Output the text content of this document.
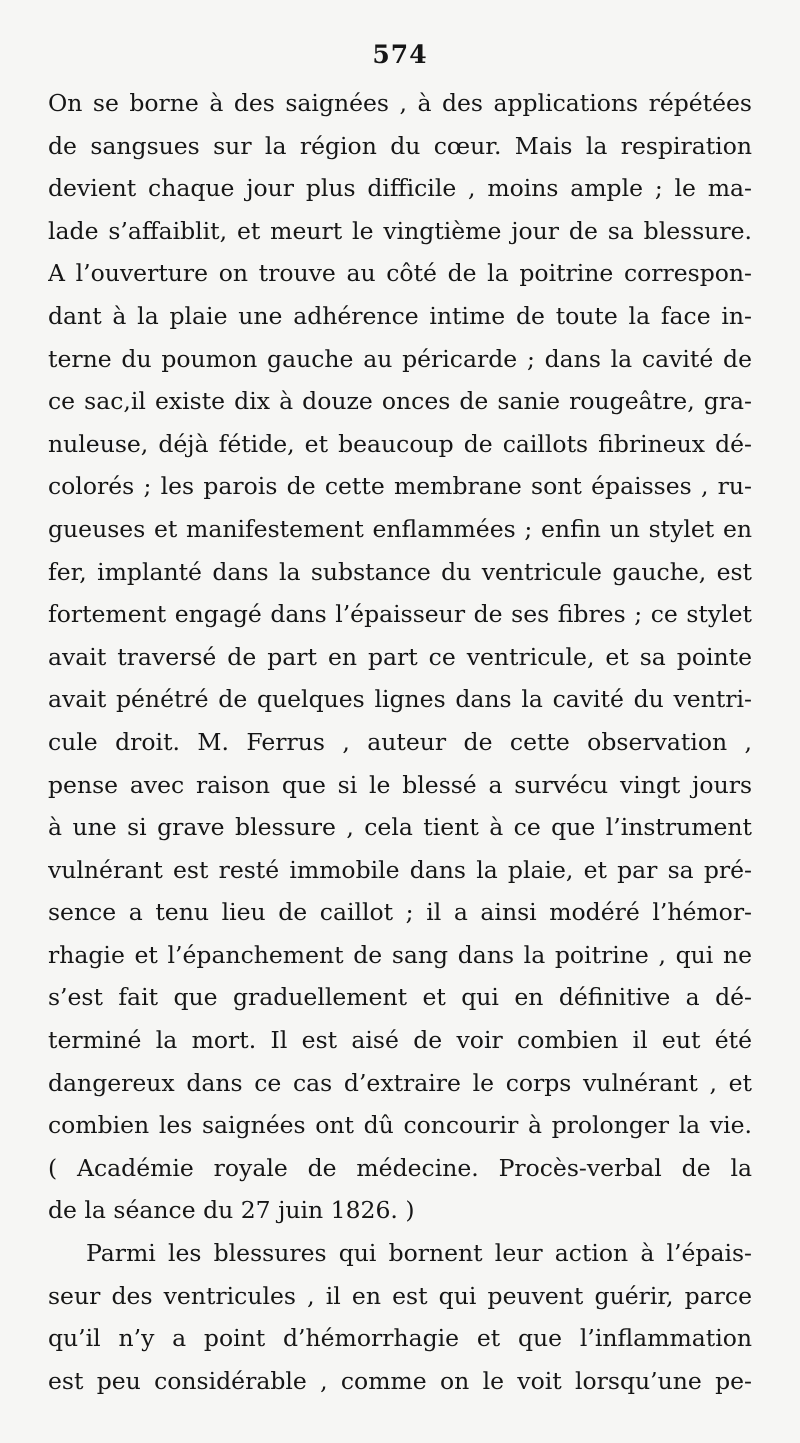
574
On se borne à des saignées , à des applications répétées
de sangsues sur la région du cœur. Mais la respiration
devient chaque jour plus difficile , moins ample ; le ma-
lade s’affaiblit, et meurt le vingtième jour de sa blessure.
A l’ouverture on trouve au côté de la poitrine correspon-
dant à la plaie une adhérence intime de toute la face in-
terne du poumon gauche au péricarde ; dans la cavité de
ce sac,il existe dix à douze onces de sanie rougeâtre, gra-
nuleuse, déjà fétide, et beaucoup de caillots fibrineux dé-
colorés ; les parois de cette membrane sont épaisses , ru-
gueuses et manifestement enflammées ; enfin un stylet en
fer, implanté dans la substance du ventricule gauche, est
fortement engagé dans l’épaisseur de ses fibres ; ce stylet
avait traversé de part en part ce ventricule, et sa pointe
avait pénétré de quelques lignes dans la cavité du ventri-
cule droit. M. Ferrus , auteur de cette observation ,
pense avec raison que si le blessé a survécu vingt jours
à une si grave blessure , cela tient à ce que l’instrument
vulnérant est resté immobile dans la plaie, et par sa pré-
sence a tenu lieu de caillot ; il a ainsi modéré l’hémor-
rhagie et l’épanchement de sang dans la poitrine , qui ne
s’est fait que graduellement et qui en définitive a dé-
terminé la mort. Il est aisé de voir combien il eut été
dangereux dans ce cas d’extraire le corps vulnérant , et
combien les saignées ont dû concourir à prolonger la vie.
( Académie royale de médecine. Procès-verbal de la
de la séance du 27 juin 1826. )
Parmi les blessures qui bornent leur action à l’épais-
seur des ventricules , il en est qui peuvent guérir, parce
qu’il n’y a point d’hémorrhagie et que l’inflammation
est peu considérable , comme on le voit lorsqu’une pe-
